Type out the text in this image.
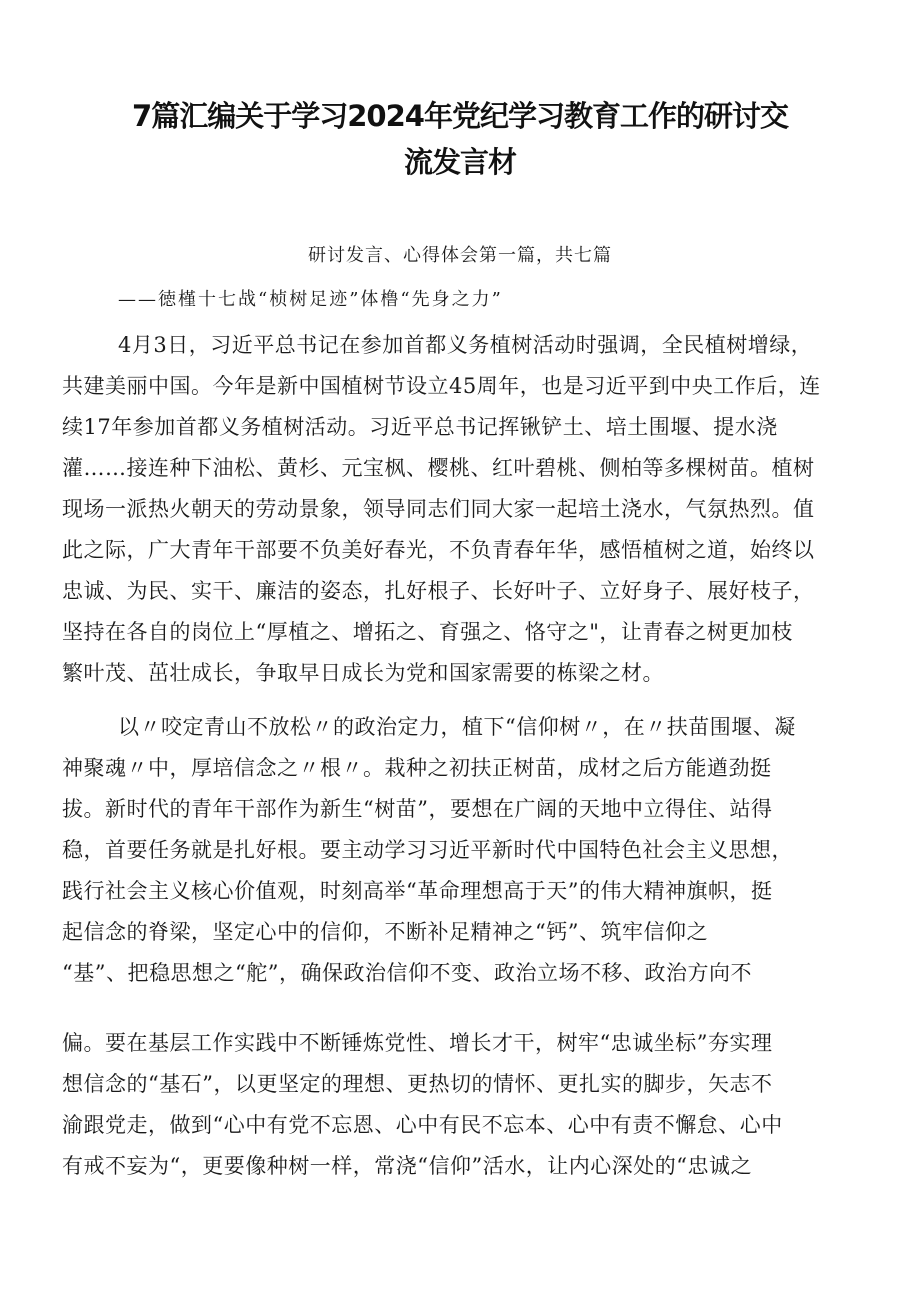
7篇汇编关于学习2024年党纪学习教育工作的研讨交
流发言材
研讨发言、心得体会第一篇，共七篇
——徳槿十七战“桢树足迹”体橹“先身之力”
4月3日，习近平总书记在参加首都义务植树活动时强调，全民植树增绿，
共建美丽中国。今年是新中国植树节设立45周年，也是习近平到中央工作后，连
续17年参加首都义务植树活动。习近平总书记挥锹铲土、培土围堰、提水浇
灌……接连种下油松、黄杉、元宝枫、樱桃、红叶碧桃、侧柏等多棵树苗。植树
现场一派热火朝天的劳动景象，领导同志们同大家一起培土浇水，气氛热烈。值
此之际，广大青年干部要不负美好春光，不负青春年华，感悟植树之道，始终以
忠诚、为民、实干、廉洁的姿态，扎好根子、长好叶子、立好身子、展好枝子，
坚持在各自的岗位上“厚植之、增拓之、育强之、恪守之"，让青春之树更加枝
繁叶茂、茁壮成长，争取早日成长为党和国家需要的栋梁之材。
以〃咬定青山不放松〃的政治定力，植下“信仰树〃，在〃扶苗围堰、凝
神聚魂〃中，厚培信念之〃根〃。栽种之初扶正树苗，成材之后方能遒劲挺
拔。新时代的青年干部作为新生“树苗”，要想在广阔的天地中立得住、站得
稳，首要任务就是扎好根。要主动学习习近平新时代中国特色社会主义思想，
践行社会主义核心价值观，时刻高举“革命理想高于天”的伟大精神旗帜，挺
起信念的脊梁，坚定心中的信仰，不断补足精神之“钙”、筑牢信仰之
“基”、把稳思想之“舵”，确保政治信仰不变、政治立场不移、政治方向不
偏。要在基层工作实践中不断锤炼党性、增长才干，树牢“忠诚坐标”夯实理
想信念的“基石”，以更坚定的理想、更热切的情怀、更扎实的脚步，矢志不
渝跟党走，做到“心中有党不忘恩、心中有民不忘本、心中有责不懈怠、心中
有戒不妄为“，更要像种树一样，常浇“信仰”活水，让内心深处的“忠诚之
